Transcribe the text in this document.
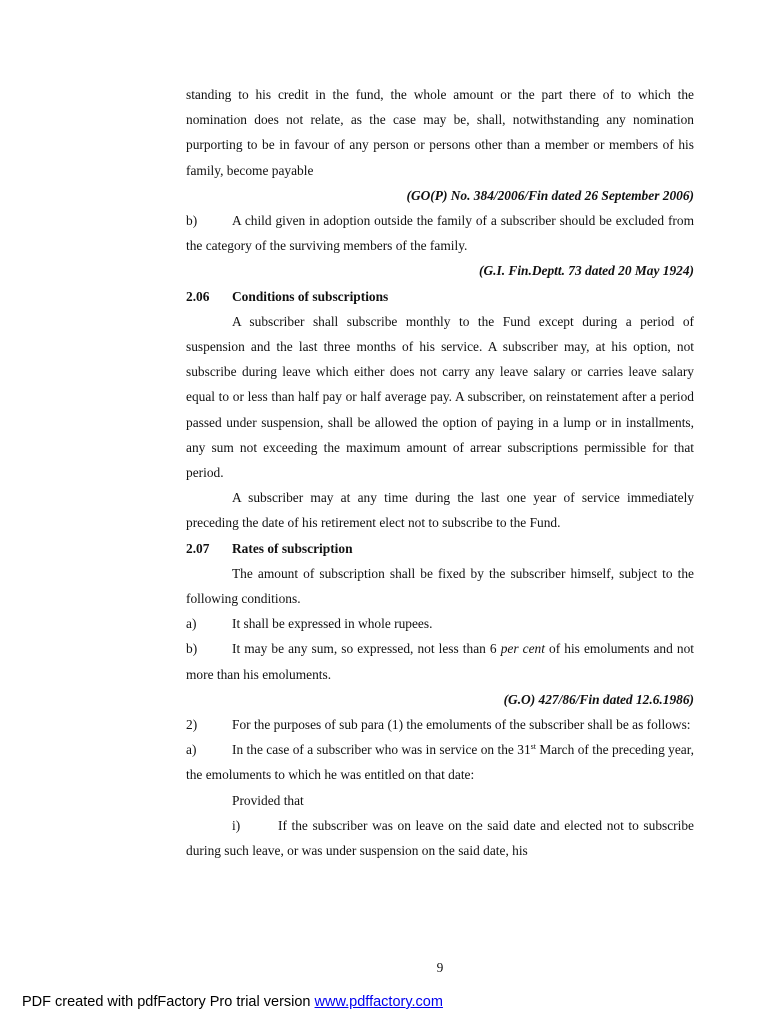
standing to his credit in the fund, the whole amount or the part there of to which the nomination does not relate, as the case may be, shall, notwithstanding any nomination purporting to be in favour of any person or persons other than a member or members of his family, become payable

(GO(P) No. 384/2006/Fin dated 26 September 2006)

b)	A child given in adoption outside the family of a subscriber should be excluded from the category of the surviving members of the family.

(G.I. Fin.Deptt. 73 dated 20 May 1924)

2.06 Conditions of subscriptions

A subscriber shall subscribe monthly to the Fund except during a period of suspension and the last three months of his service. A subscriber may, at his option, not subscribe during leave which either does not carry any leave salary or carries leave salary equal to or less than half pay or half average pay. A subscriber, on reinstatement after a period passed under suspension, shall be allowed the option of paying in a lump or in installments, any sum not exceeding the maximum amount of arrear subscriptions permissible for that period.

A subscriber may at any time during the last one year of service immediately preceding the date of his retirement elect not to subscribe to the Fund.

2.07 Rates of subscription

The amount of subscription shall be fixed by the subscriber himself, subject to the following conditions.

a)	It shall be expressed in whole rupees.

b)	It may be any sum, so expressed, not less than 6 per cent of his emoluments and not more than his emoluments.

(G.O) 427/86/Fin dated 12.6.1986)

2)	For the purposes of sub para (1) the emoluments of the subscriber shall be as follows:

a)	In the case of a subscriber who was in service on the 31st March of the preceding year, the emoluments to which he was entitled on that date:

Provided that

i)	If the subscriber was on leave on the said date and elected not to subscribe during such leave, or was under suspension on the said date, his

9
PDF created with pdfFactory Pro trial version www.pdffactory.com
